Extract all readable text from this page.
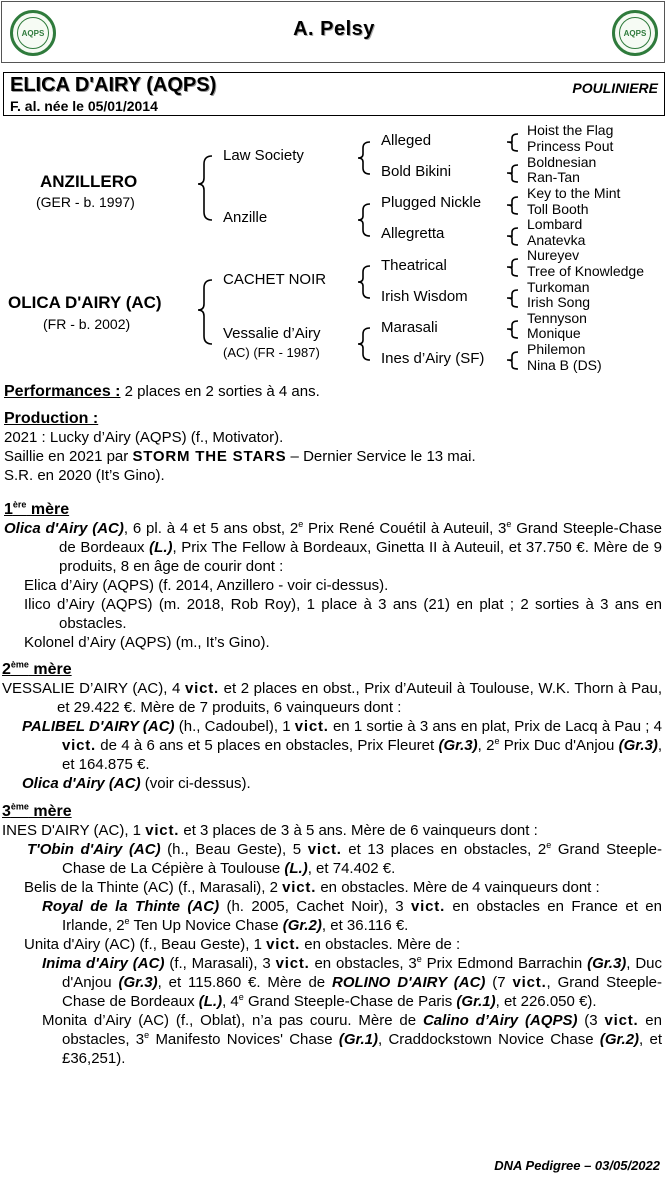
AQPS	AQPS
A. Pelsy
ELICA D'AIRY (AQPS)	POULINIERE
F. al. née le 05/01/2014
ANZILLERO
(GER - b. 1997)
OLICA D'AIRY (AC)
(FR - b. 2002)
Law Society
Anzille
CACHET NOIR
Vessalie d’Airy
(AC) (FR - 1987)
Alleged
Bold Bikini
Plugged Nickle
Allegretta
Theatrical
Irish Wisdom
Marasali
Ines d’Airy (SF)
Hoist the Flag
Princess Pout
Boldnesian
Ran-Tan
Key to the Mint
Toll Booth
Lombard
Anatevka
Nureyev
Tree of Knowledge
Turkoman
Irish Song
Tennyson
Monique
Philemon
Nina B (DS)
Performances : 2 places en 2 sorties à 4 ans.
Production :
2021 : Lucky d’Airy (AQPS) (f., Motivator).
Saillie en 2021 par STORM THE STARS – Dernier Service le 13 mai.
S.R. en 2020 (It’s Gino).
1ère mère
Olica d'Airy (AC), 6 pl. à 4 et 5 ans obst, 2e Prix René Couétil à Auteuil, 3e Grand Steeple-Chase de Bordeaux (L.), Prix The Fellow à Bordeaux, Ginetta II à Auteuil, et 37.750 €. Mère de 9 produits, 8 en âge de courir dont :
Elica d’Airy (AQPS) (f. 2014, Anzillero - voir ci-dessus).
Ilico d’Airy (AQPS) (m. 2018, Rob Roy), 1 place à 3 ans (21) en plat ; 2 sorties à 3 ans en obstacles.
Kolonel d’Airy (AQPS) (m., It’s Gino).
2ème mère
VESSALIE D’AIRY (AC), 4 vict. et 2 places en obst., Prix d’Auteuil à Toulouse, W.K. Thorn à Pau, et 29.422 €. Mère de 7 produits, 6 vainqueurs dont :
PALIBEL D'AIRY (AC) (h., Cadoubel), 1 vict. en 1 sortie à 3 ans en plat, Prix de Lacq à Pau ; 4 vict. de 4 à 6 ans et 5 places en obstacles, Prix Fleuret (Gr.3), 2e Prix Duc d'Anjou (Gr.3), et 164.875 €.
Olica d'Airy (AC) (voir ci-dessus).
3ème mère
INES D'AIRY (AC), 1 vict. et 3 places de 3 à 5 ans. Mère de 6 vainqueurs dont :
T'Obin d'Airy (AC) (h., Beau Geste), 5 vict. et 13 places en obstacles, 2e Grand Steeple-Chase de La Cépière à Toulouse (L.), et 74.402 €.
Belis de la Thinte (AC) (f., Marasali), 2 vict. en obstacles. Mère de 4 vainqueurs dont :
Royal de la Thinte (AC) (h. 2005, Cachet Noir), 3 vict. en obstacles en France et en Irlande, 2e Ten Up Novice Chase (Gr.2), et 36.116 €.
Unita d'Airy (AC) (f., Beau Geste), 1 vict. en obstacles. Mère de :
Inima d'Airy (AC) (f., Marasali), 3 vict. en obstacles, 3e Prix Edmond Barrachin (Gr.3), Duc d'Anjou (Gr.3), et 115.860 €. Mère de ROLINO D'AIRY (AC) (7 vict., Grand Steeple-Chase de Bordeaux (L.), 4e Grand Steeple-Chase de Paris (Gr.1), et 226.050 €).
Monita d’Airy (AC) (f., Oblat), n’a pas couru. Mère de Calino d’Airy (AQPS) (3 vict. en obstacles, 3e Manifesto Novices' Chase (Gr.1), Craddockstown Novice Chase (Gr.2), et £36,251).
DNA Pedigree – 03/05/2022
